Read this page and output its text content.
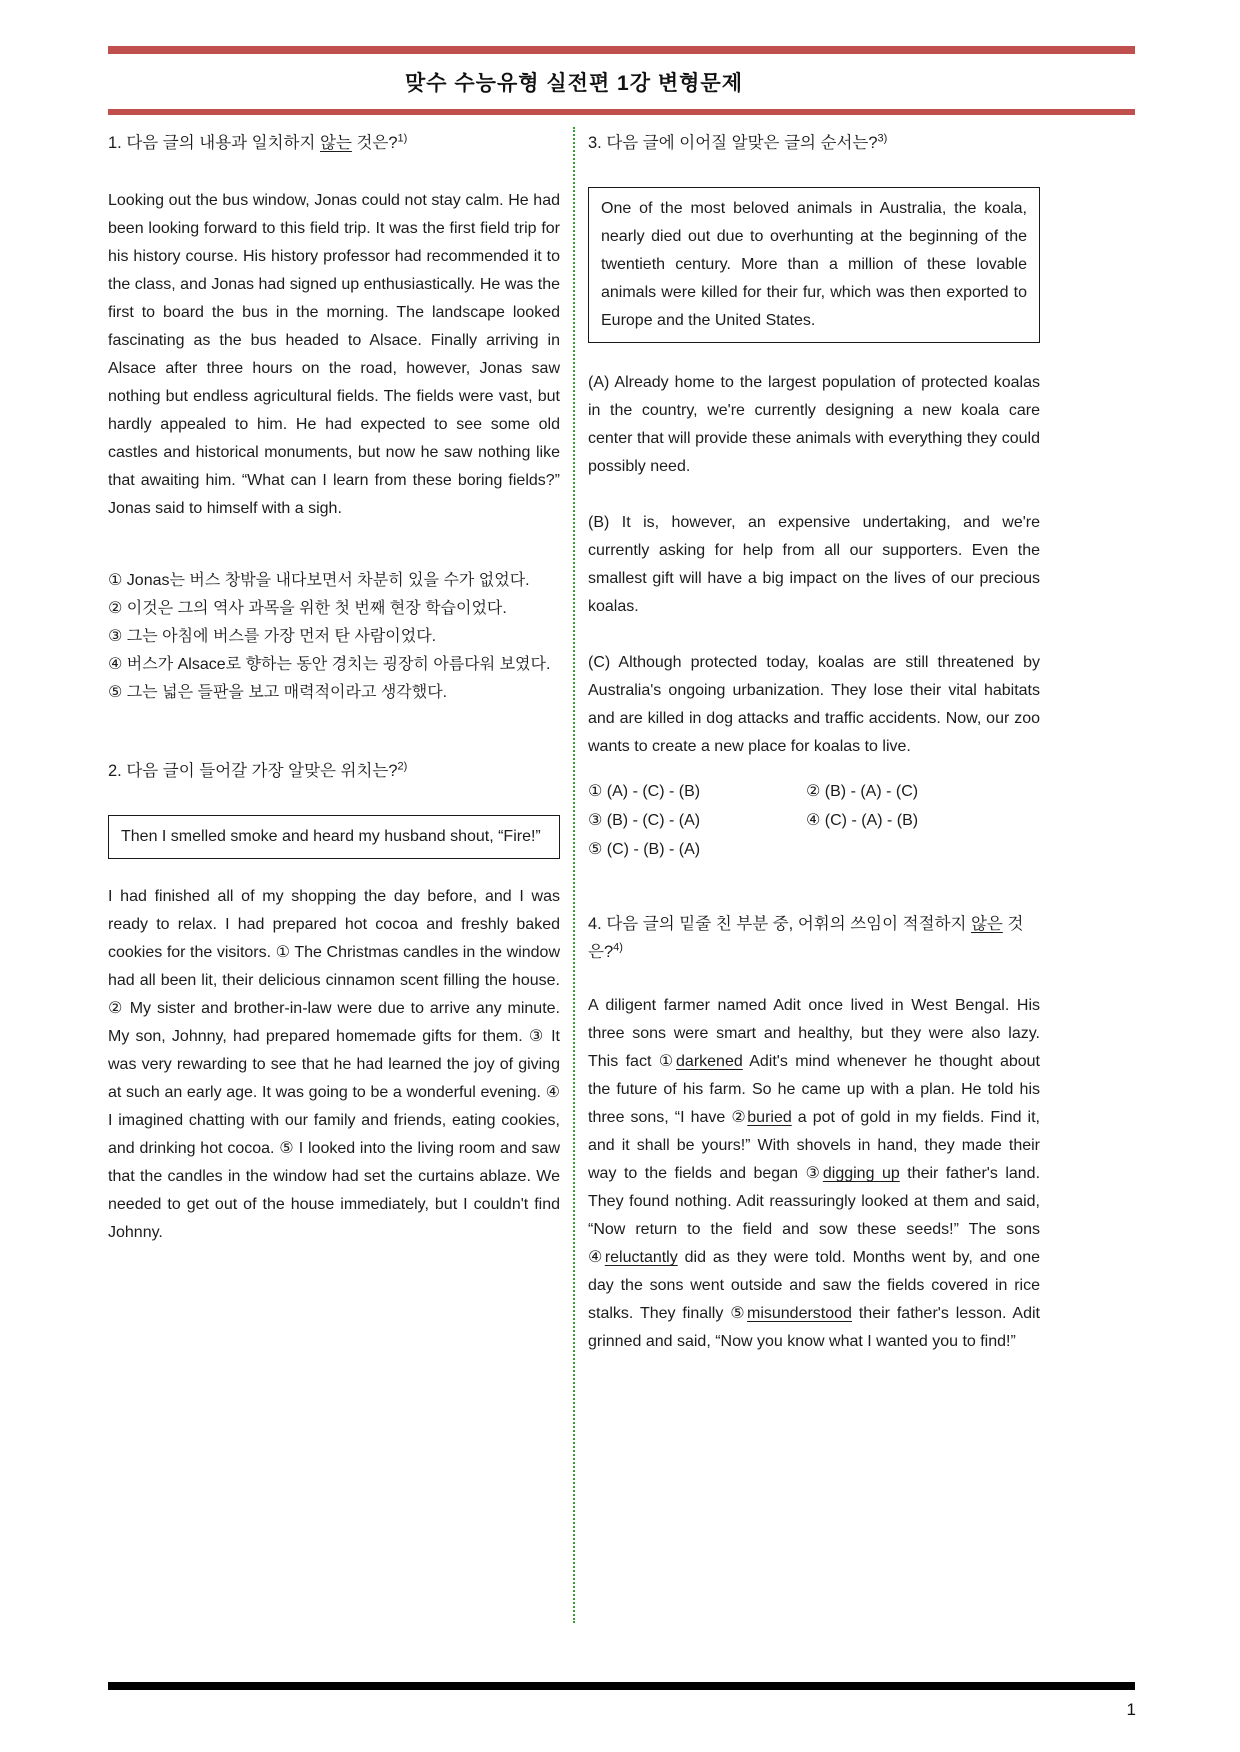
맞수 수능유형 실전편 1강 변형문제

1. 다음 글의 내용과 일치하지 않는 것은?$^{1)}$

Looking out the bus window, Jonas could not stay calm. He had been looking forward to this field trip. It was the first field trip for his history course. His history professor had recommended it to the class, and Jonas had signed up enthusiastically. He was the first to board the bus in the morning. The landscape looked fascinating as the bus headed to Alsace. Finally arriving in Alsace after three hours on the road, however, Jonas saw nothing but endless agricultural fields. The fields were vast, but hardly appealed to him. He had expected to see some old castles and historical monuments, but now he saw nothing like that awaiting him. “What can I learn from these boring fields?” Jonas said to himself with a sigh.

① Jonas는 버스 창밖을 내다보면서 차분히 있을 수가 없었다.

② 이것은 그의 역사 과목을 위한 첫 번째 현장 학습이었다.

③ 그는 아침에 버스를 가장 먼저 탄 사람이었다.

④ 버스가 Alsace로 향하는 동안 경치는 굉장히 아름다워 보였다.

⑤ 그는 넓은 들판을 보고 매력적이라고 생각했다.

2. 다음 글이 들어갈 가장 알맞은 위치는?$^{2)}$

Then I smelled smoke and heard my husband shout, “Fire!”

I had finished all of my shopping the day before, and I was ready to relax. I had prepared hot cocoa and freshly baked cookies for the visitors. ① The Christmas candles in the window had all been lit, their delicious cinnamon scent filling the house. ② My sister and brother-in-law were due to arrive any minute. My son, Johnny, had prepared homemade gifts for them. ③ It was very rewarding to see that he had learned the joy of giving at such an early age. It was going to be a wonderful evening. ④ I imagined chatting with our family and friends, eating cookies, and drinking hot cocoa. ⑤ I looked into the living room and saw that the candles in the window had set the curtains ablaze. We needed to get out of the house immediately, but I couldn't find Johnny.

3. 다음 글에 이어질 알맞은 글의 순서는?$^{3)}$

One of the most beloved animals in Australia, the koala, nearly died out due to overhunting at the beginning of the twentieth century. More than a million of these lovable animals were killed for their fur, which was then exported to Europe and the United States.

(A) Already home to the largest population of protected koalas in the country, we're currently designing a new koala care center that will provide these animals with everything they could possibly need.

(B) It is, however, an expensive undertaking, and we're currently asking for help from all our supporters. Even the smallest gift will have a big impact on the lives of our precious koalas.

(C) Although protected today, koalas are still threatened by Australia's ongoing urbanization. They lose their vital habitats and are killed in dog attacks and traffic accidents. Now, our zoo wants to create a new place for koalas to live.

① (A) - (C) - (B)	② (B) - (A) - (C)
③ (B) - (C) - (A)	④ (C) - (A) - (B)
⑤ (C) - (B) - (A)

4. 다음 글의 밑줄 친 부분 중, 어휘의 쓰임이 적절하지 않은 것은?$^{4)}$

A diligent farmer named Adit once lived in West Bengal. His three sons were smart and healthy, but they were also lazy. This fact ①darkened Adit's mind whenever he thought about the future of his farm. So he came up with a plan. He told his three sons, “I have ②buried a pot of gold in my fields. Find it, and it shall be yours!” With shovels in hand, they made their way to the fields and began ③digging up their father's land. They found nothing. Adit reassuringly looked at them and said, “Now return to the field and sow these seeds!” The sons ④reluctantly did as they were told. Months went by, and one day the sons went outside and saw the fields covered in rice stalks. They finally ⑤misunderstood their father's lesson. Adit grinned and said, “Now you know what I wanted you to find!”

1
